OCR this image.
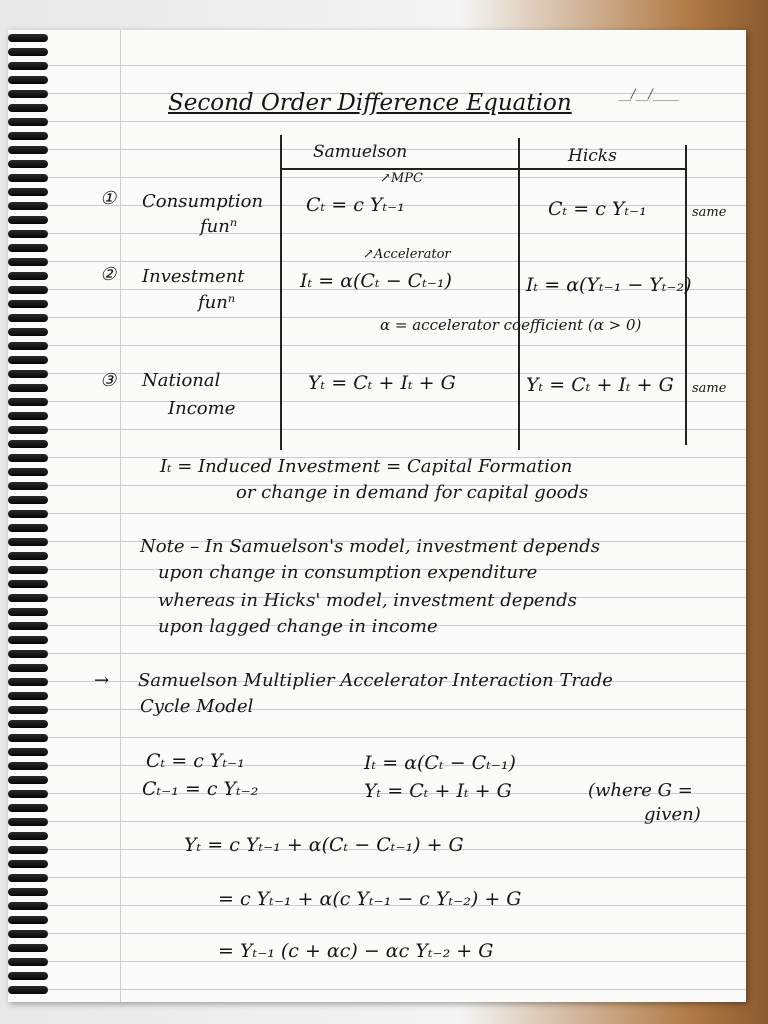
__/__/____
Second Order Difference Equation
Samuelson	Hicks
① Consumption
funⁿ
↗MPC
Cₜ = c Yₜ₋₁	Cₜ = c Yₜ₋₁	same
② Investment
funⁿ
↗Accelerator
Iₜ = α(Cₜ − Cₜ₋₁)	Iₜ = α(Yₜ₋₁ − Yₜ₋₂)
α = accelerator coefficient (α > 0)
③ National
Income
Yₜ = Cₜ + Iₜ + G	Yₜ = Cₜ + Iₜ + G same
Iₜ = Induced Investment = Capital Formation
or change in demand for capital goods
Note – In Samuelson's model, investment depends
upon change in consumption expenditure
whereas in Hicks' model, investment depends
upon lagged change in income
→ Samuelson Multiplier Accelerator Interaction Trade
Cycle Model
Cₜ = c Yₜ₋₁	Iₜ = α(Cₜ − Cₜ₋₁)
Cₜ₋₁ = c Yₜ₋₂	Yₜ = Cₜ + Iₜ + G	(where G =
given)
Yₜ = c Yₜ₋₁ + α(Cₜ − Cₜ₋₁) + G
= c Yₜ₋₁ + α(c Yₜ₋₁ − c Yₜ₋₂) + G
= Yₜ₋₁ (c + αc) − αc Yₜ₋₂ + G
